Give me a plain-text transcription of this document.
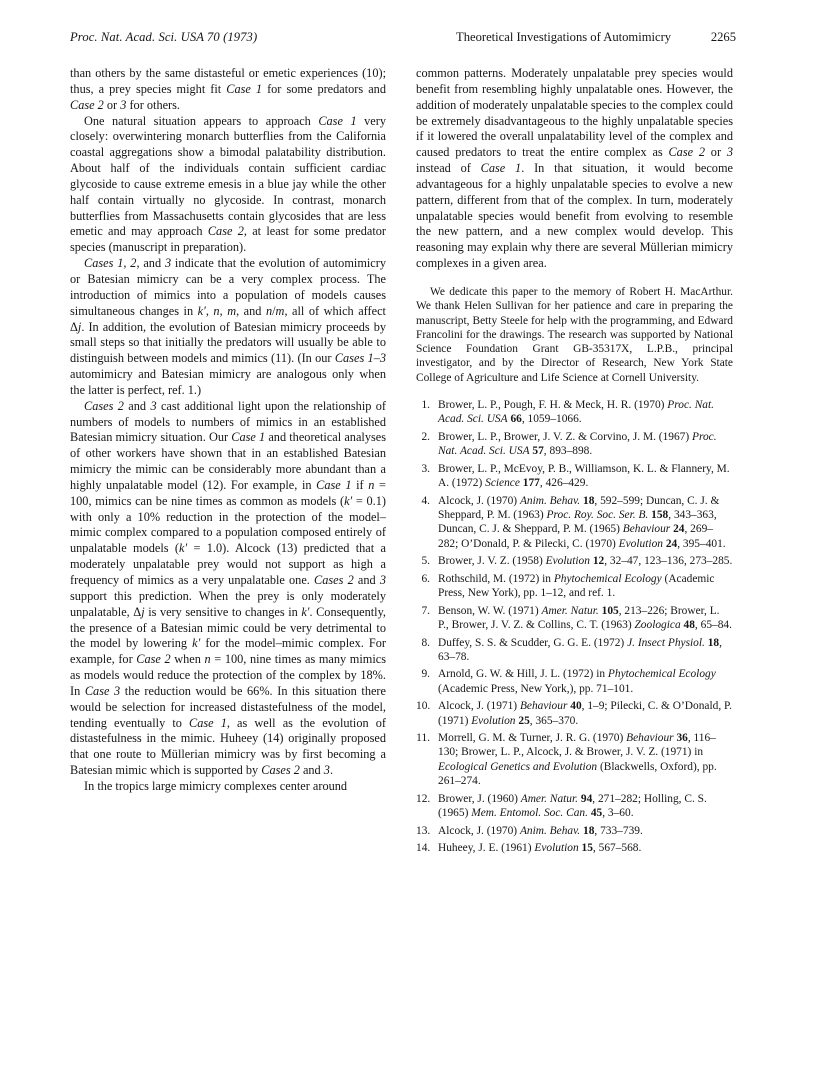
Proc. Nat. Acad. Sci. USA 70 (1973)	Theoretical Investigations of Automimicry	2265

than others by the same distasteful or emetic experiences (10); thus, a prey species might fit Case 1 for some predators and Case 2 or 3 for others.

One natural situation appears to approach Case 1 very closely: overwintering monarch butterflies from the California coastal aggregations show a bimodal palatability distribution. About half of the individuals contain sufficient cardiac glycoside to cause extreme emesis in a blue jay while the other half contain virtually no glycoside. In contrast, monarch butterflies from Massachusetts contain glycosides that are less emetic and may approach Case 2, at least for some predator species (manuscript in preparation).

Cases 1, 2, and 3 indicate that the evolution of automimicry or Batesian mimicry can be a very complex process. The introduction of mimics into a population of models causes simultaneous changes in k′, n, m, and n/m, all of which affect Δj. In addition, the evolution of Batesian mimicry proceeds by small steps so that initially the predators will usually be able to distinguish between models and mimics (11). (In our Cases 1–3 automimicry and Batesian mimicry are analogous only when the latter is perfect, ref. 1.)

Cases 2 and 3 cast additional light upon the relationship of numbers of models to numbers of mimics in an established Batesian mimicry situation. Our Case 1 and theoretical analyses of other workers have shown that in an established Batesian mimicry the mimic can be considerably more abundant than a highly unpalatable model (12). For example, in Case 1 if n = 100, mimics can be nine times as common as models (k′ = 0.1) with only a 10% reduction in the protection of the model–mimic complex compared to a population composed entirely of unpalatable models (k′ = 1.0). Alcock (13) predicted that a moderately unpalatable prey would not support as high a frequency of mimics as a very unpalatable one. Cases 2 and 3 support this prediction. When the prey is only moderately unpalatable, Δj is very sensitive to changes in k′. Consequently, the presence of a Batesian mimic could be very detrimental to the model by lowering k′ for the model–mimic complex. For example, for Case 2 when n = 100, nine times as many mimics as models would reduce the protection of the complex by 18%. In Case 3 the reduction would be 66%. In this situation there would be selection for increased distastefulness of the model, tending eventually to Case 1, as well as the evolution of distastefulness in the mimic. Huheey (14) originally proposed that one route to Müllerian mimicry was by first becoming a Batesian mimic which is supported by Cases 2 and 3.

In the tropics large mimicry complexes center around

common patterns. Moderately unpalatable prey species would benefit from resembling highly unpalatable ones. However, the addition of moderately unpalatable species to the complex could be extremely disadvantageous to the highly unpalatable species if it lowered the overall unpalatability level of the complex and caused predators to treat the entire complex as Case 2 or 3 instead of Case 1. In that situation, it would become advantageous for a highly unpalatable species to evolve a new pattern, different from that of the complex. In turn, moderately unpalatable species would benefit from evolving to resemble the new pattern, and a new complex would develop. This reasoning may explain why there are several Müllerian mimicry complexes in a given area.

We dedicate this paper to the memory of Robert H. MacArthur. We thank Helen Sullivan for her patience and care in preparing the manuscript, Betty Steele for help with the programming, and Edward Francolini for the drawings. The research was supported by National Science Foundation Grant GB-35317X, L.P.B., principal investigator, and by the Director of Research, New York State College of Agriculture and Life Science at Cornell University.

1. Brower, L. P., Pough, F. H. & Meck, H. R. (1970) Proc. Nat. Acad. Sci. USA 66, 1059–1066.
2. Brower, L. P., Brower, J. V. Z. & Corvino, J. M. (1967) Proc. Nat. Acad. Sci. USA 57, 893–898.
3. Brower, L. P., McEvoy, P. B., Williamson, K. L. & Flannery, M. A. (1972) Science 177, 426–429.
4. Alcock, J. (1970) Anim. Behav. 18, 592–599; Duncan, C. J. & Sheppard, P. M. (1963) Proc. Roy. Soc. Ser. B. 158, 343–363, Duncan, C. J. & Sheppard, P. M. (1965) Behaviour 24, 269–282; O’Donald, P. & Pilecki, C. (1970) Evolution 24, 395–401.
5. Brower, J. V. Z. (1958) Evolution 12, 32–47, 123–136, 273–285.
6. Rothschild, M. (1972) in Phytochemical Ecology (Academic Press, New York), pp. 1–12, and ref. 1.
7. Benson, W. W. (1971) Amer. Natur. 105, 213–226; Brower, L. P., Brower, J. V. Z. & Collins, C. T. (1963) Zoologica 48, 65–84.
8. Duffey, S. S. & Scudder, G. G. E. (1972) J. Insect Physiol. 18, 63–78.
9. Arnold, G. W. & Hill, J. L. (1972) in Phytochemical Ecology (Academic Press, New York,), pp. 71–101.
10. Alcock, J. (1971) Behaviour 40, 1–9; Pilecki, C. & O’Donald, P. (1971) Evolution 25, 365–370.
11. Morrell, G. M. & Turner, J. R. G. (1970) Behaviour 36, 116–130; Brower, L. P., Alcock, J. & Brower, J. V. Z. (1971) in Ecological Genetics and Evolution (Blackwells, Oxford), pp. 261–274.
12. Brower, J. (1960) Amer. Natur. 94, 271–282; Holling, C. S. (1965) Mem. Entomol. Soc. Can. 45, 3–60.
13. Alcock, J. (1970) Anim. Behav. 18, 733–739.
14. Huheey, J. E. (1961) Evolution 15, 567–568.
